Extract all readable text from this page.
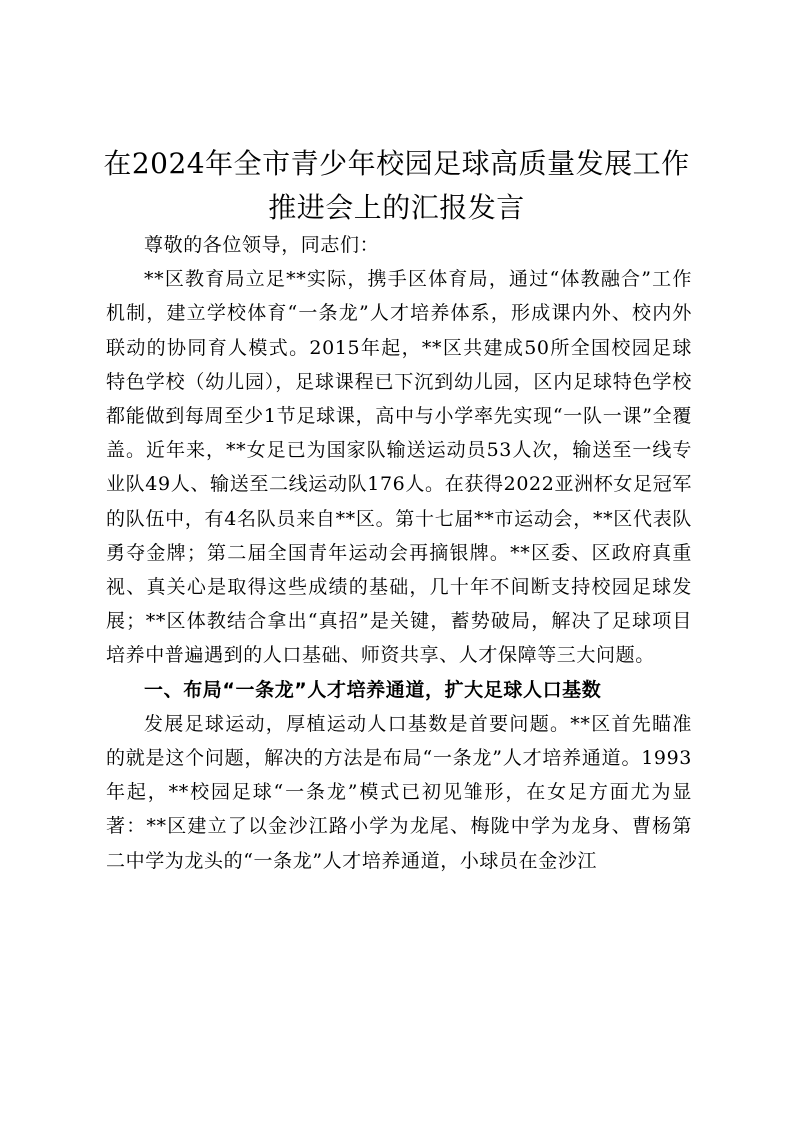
在2024年全市青少年校园足球高质量发展工作推进会上的汇报发言

尊敬的各位领导，同志们：

**区教育局立足**实际，携手区体育局，通过“体教融合”工作机制，建立学校体育“一条龙”人才培养体系，形成课内外、校内外联动的协同育人模式。2015年起，**区共建成50所全国校园足球特色学校（幼儿园），足球课程已下沉到幼儿园，区内足球特色学校都能做到每周至少1节足球课，高中与小学率先实现“一队一课”全覆盖。近年来，**女足已为国家队输送运动员53人次，输送至一线专业队49人、输送至二线运动队176人。在获得2022亚洲杯女足冠军的队伍中，有4名队员来自**区。第十七届**市运动会，**区代表队勇夺金牌；第二届全国青年运动会再摘银牌。**区委、区政府真重视、真关心是取得这些成绩的基础，几十年不间断支持校园足球发展；**区体教结合拿出“真招”是关键，蓄势破局，解决了足球项目培养中普遍遇到的人口基础、师资共享、人才保障等三大问题。

一、布局“一条龙”人才培养通道，扩大足球人口基数

发展足球运动，厚植运动人口基数是首要问题。**区首先瞄准的就是这个问题，解决的方法是布局“一条龙”人才培养通道。1993年起，**校园足球“一条龙”模式已初见雏形，在女足方面尤为显著：**区建立了以金沙江路小学为龙尾、梅陇中学为龙身、曹杨第二中学为龙头的“一条龙”人才培养通道，小球员在金沙江
